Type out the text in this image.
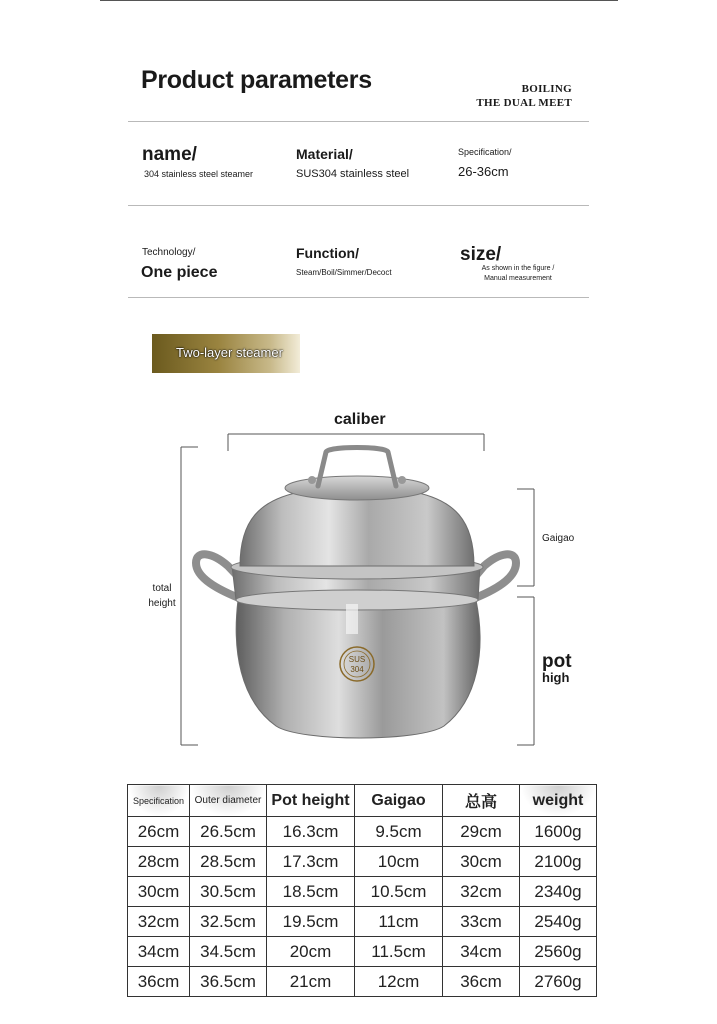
Product parameters	BOILING
THE DUAL MEET
name/
304 stainless steel steamer
Material/
SUS304 stainless steel
Specification/
26-36cm
Technology/
One piece
Function/
Steam/Boil/Simmer/Decoct
size/
As shown in the figure / Manual measurement
Two-layer steamer
caliber
Gaigao
total
height
pot
high
SUS
304
Specification	Outer diameter	Pot height	Gaigao	总高	weight
26cm	26.5cm	16.3cm	9.5cm	29cm	1600g
28cm	28.5cm	17.3cm	10cm	30cm	2100g
30cm	30.5cm	18.5cm	10.5cm	32cm	2340g
32cm	32.5cm	19.5cm	11cm	33cm	2540g
34cm	34.5cm	20cm	11.5cm	34cm	2560g
36cm	36.5cm	21cm	12cm	36cm	2760g
